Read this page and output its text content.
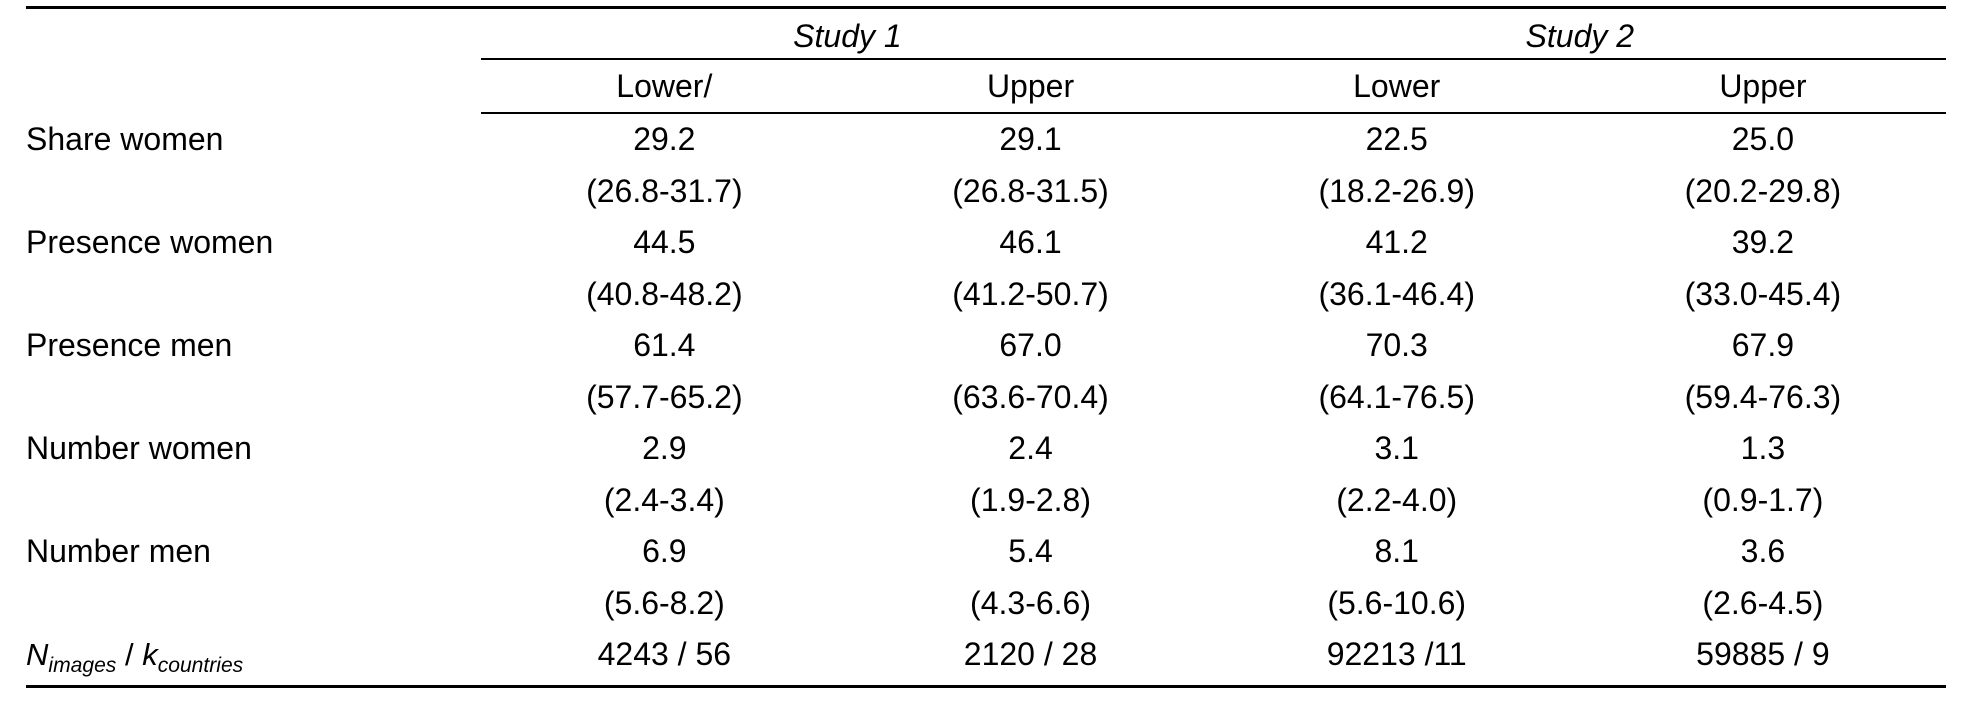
	Study 1		Study 2	
	Lower/	Upper	Lower	Upper
Share women	29.2	29.1	22.5	25.0
	(26.8-31.7)	(26.8-31.5)	(18.2-26.9)	(20.2-29.8)
Presence women	44.5	46.1	41.2	39.2
	(40.8-48.2)	(41.2-50.7)	(36.1-46.4)	(33.0-45.4)
Presence men	61.4	67.0	70.3	67.9
	(57.7-65.2)	(63.6-70.4)	(64.1-76.5)	(59.4-76.3)
Number women	2.9	2.4	3.1	1.3
	(2.4-3.4)	(1.9-2.8)	(2.2-4.0)	(0.9-1.7)
Number men	6.9	5.4	8.1	3.6
	(5.6-8.2)	(4.3-6.6)	(5.6-10.6)	(2.6-4.5)
$N_{images} / k_{countries}$	4243 / 56	2120 / 28	92213 /11	59885 / 9
